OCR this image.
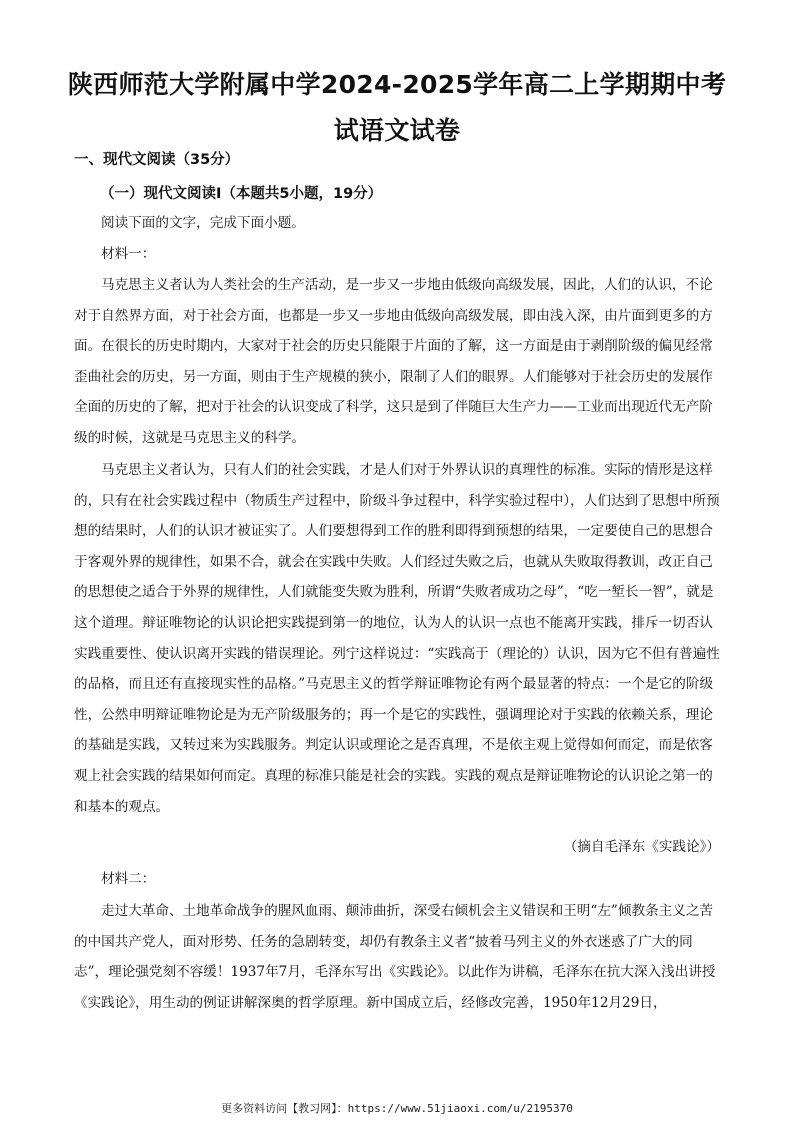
陕西师范大学附属中学2024-2025学年高二上学期期中考试语文试卷
一、现代文阅读（35分）
（一）现代文阅读Ⅰ（本题共5小题，19分）
阅读下面的文字，完成下面小题。
材料一：
马克思主义者认为人类社会的生产活动，是一步又一步地由低级向高级发展，因此，人们的认识，不论对于自然界方面，对于社会方面，也都是一步又一步地由低级向高级发展，即由浅入深，由片面到更多的方面。在很长的历史时期内，大家对于社会的历史只能限于片面的了解，这一方面是由于剥削阶级的偏见经常歪曲社会的历史，另一方面，则由于生产规模的狭小，限制了人们的眼界。人们能够对于社会历史的发展作全面的历史的了解，把对于社会的认识变成了科学，这只是到了伴随巨大生产力——工业而出现近代无产阶级的时候，这就是马克思主义的科学。
马克思主义者认为，只有人们的社会实践，才是人们对于外界认识的真理性的标准。实际的情形是这样的，只有在社会实践过程中（物质生产过程中，阶级斗争过程中，科学实验过程中），人们达到了思想中所预想的结果时，人们的认识才被证实了。人们要想得到工作的胜利即得到预想的结果，一定要使自己的思想合于客观外界的规律性，如果不合，就会在实践中失败。人们经过失败之后，也就从失败取得教训，改正自己的思想使之适合于外界的规律性，人们就能变失败为胜利，所谓“失败者成功之母”，“吃一堑长一智”，就是这个道理。辩证唯物论的认识论把实践提到第一的地位，认为人的认识一点也不能离开实践，排斥一切否认实践重要性、使认识离开实践的错误理论。列宁这样说过：“实践高于（理论的）认识，因为它不但有普遍性的品格，而且还有直接现实性的品格。”马克思主义的哲学辩证唯物论有两个最显著的特点：一个是它的阶级性，公然申明辩证唯物论是为无产阶级服务的；再一个是它的实践性，强调理论对于实践的依赖关系，理论的基础是实践，又转过来为实践服务。判定认识或理论之是否真理，不是依主观上觉得如何而定，而是依客观上社会实践的结果如何而定。真理的标准只能是社会的实践。实践的观点是辩证唯物论的认识论之第一的和基本的观点。
（摘自毛泽东《实践论》）
材料二：
走过大革命、土地革命战争的腥风血雨、颠沛曲折，深受右倾机会主义错误和王明“左”倾教条主义之苦的中国共产党人，面对形势、任务的急剧转变，却仍有教条主义者“披着马列主义的外衣迷惑了广大的同志”，理论强党刻不容缓！1937年7月，毛泽东写出《实践论》。以此作为讲稿，毛泽东在抗大深入浅出讲授《实践论》，用生动的例证讲解深奥的哲学原理。新中国成立后，经修改完善，1950年12月29日，
更多资料访问【教习网】：https://www.51jiaoxi.com/u/2195370
